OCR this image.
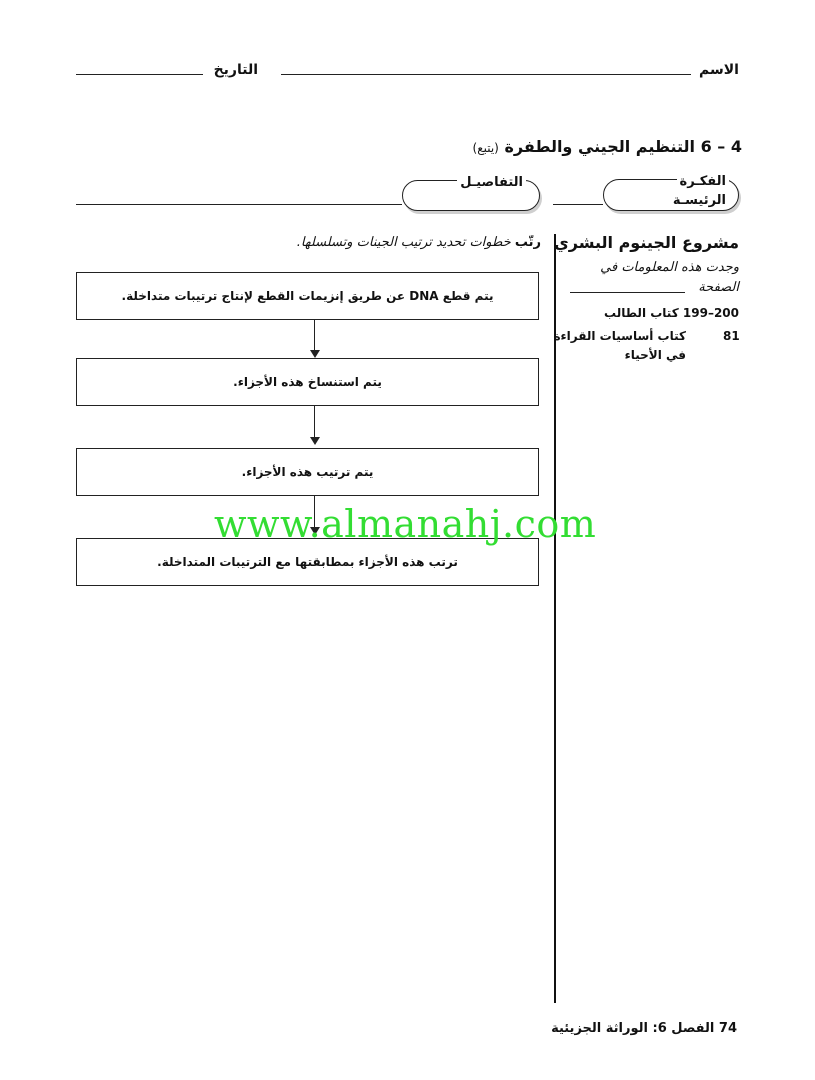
الاسم
التاريخ
4 – 6 التنظيم الجيني والطفرة (يتبع)
الفكـرة
الرئيسـة
التفاصيـل
مشروع الجينوم البشري
وجدت هذه المعلومات في الصفحة
200–199 كتاب الطالب
81
كتاب أساسيات القراءة
في الأحياء
رتّب خطوات تحديد ترتيب الجينات وتسلسلها.
يتم قطع DNA عن طريق إنزيمات القطع لإنتاج ترتيبات متداخلة.
يتم استنساخ هذه الأجزاء.
يتم ترتيب هذه الأجزاء.
ترتب هذه الأجزاء بمطابقتها مع الترتيبات المتداخلة.
www.almanahj.com
74 الفصل 6: الوراثة الجزيئية
